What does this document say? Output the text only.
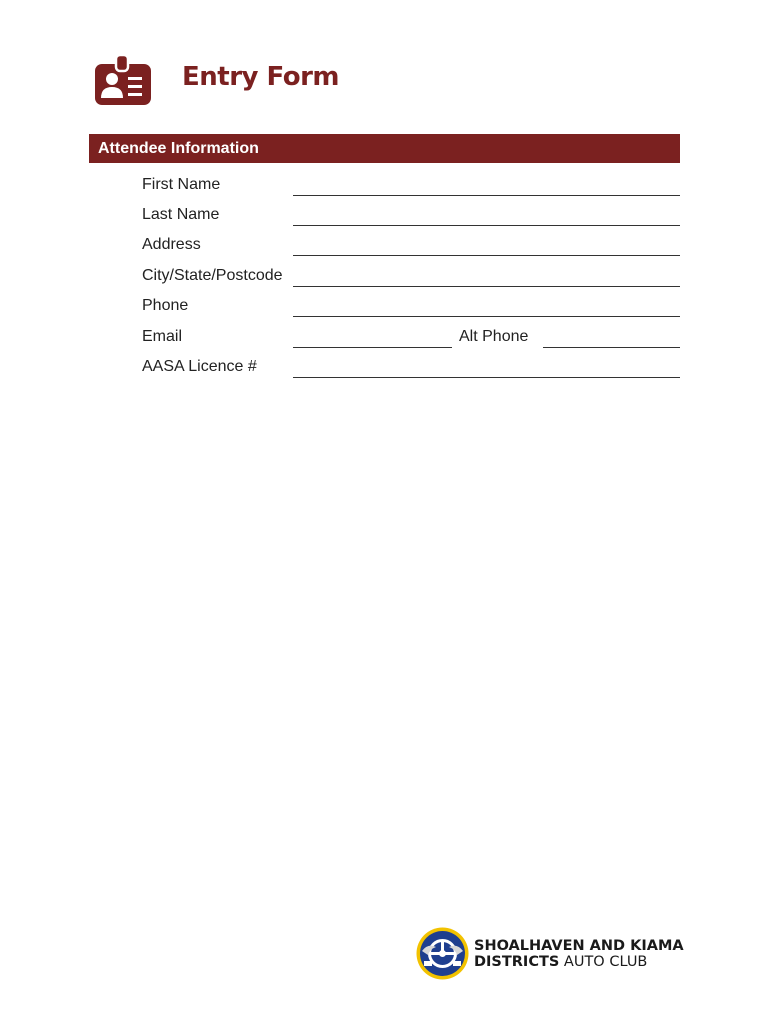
Entry Form
Attendee Information
First Name
Last Name
Address
City/State/Postcode
Phone
Email	Alt Phone
AASA Licence #
SHOALHAVEN AND KIAMA
DISTRICTS AUTO CLUB
